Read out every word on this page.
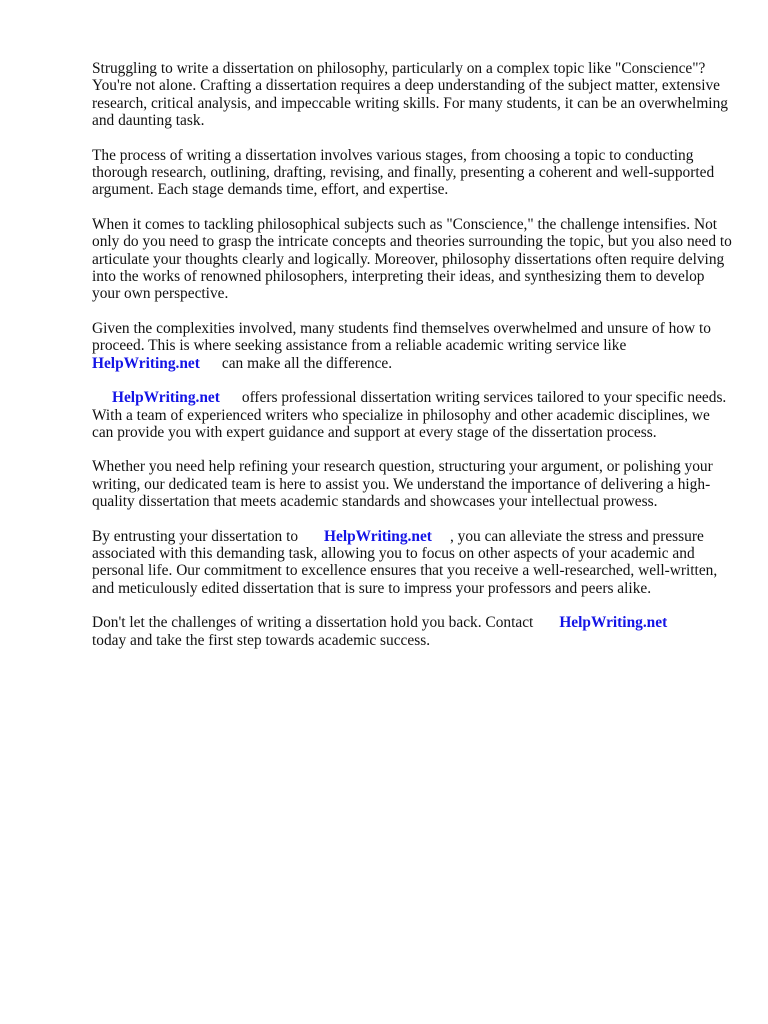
Struggling to write a dissertation on philosophy, particularly on a complex topic like "Conscience"? You're not alone. Crafting a dissertation requires a deep understanding of the subject matter, extensive research, critical analysis, and impeccable writing skills. For many students, it can be an overwhelming and daunting task.

The process of writing a dissertation involves various stages, from choosing a topic to conducting thorough research, outlining, drafting, revising, and finally, presenting a coherent and well-supported argument. Each stage demands time, effort, and expertise.

When it comes to tackling philosophical subjects such as "Conscience," the challenge intensifies. Not only do you need to grasp the intricate concepts and theories surrounding the topic, but you also need to articulate your thoughts clearly and logically. Moreover, philosophy dissertations often require delving into the works of renowned philosophers, interpreting their ideas, and synthesizing them to develop your own perspective.

Given the complexities involved, many students find themselves overwhelmed and unsure of how to proceed. This is where seeking assistance from a reliable academic writing service like
HelpWriting.net can make all the difference.

HelpWriting.net offers professional dissertation writing services tailored to your specific needs. With a team of experienced writers who specialize in philosophy and other academic disciplines, we can provide you with expert guidance and support at every stage of the dissertation process.

Whether you need help refining your research question, structuring your argument, or polishing your writing, our dedicated team is here to assist you. We understand the importance of delivering a high-quality dissertation that meets academic standards and showcases your intellectual prowess.

By entrusting your dissertation to HelpWriting.net , you can alleviate the stress and pressure associated with this demanding task, allowing you to focus on other aspects of your academic and personal life. Our commitment to excellence ensures that you receive a well-researched, well-written, and meticulously edited dissertation that is sure to impress your professors and peers alike.

Don't let the challenges of writing a dissertation hold you back. Contact HelpWriting.net
today and take the first step towards academic success.
